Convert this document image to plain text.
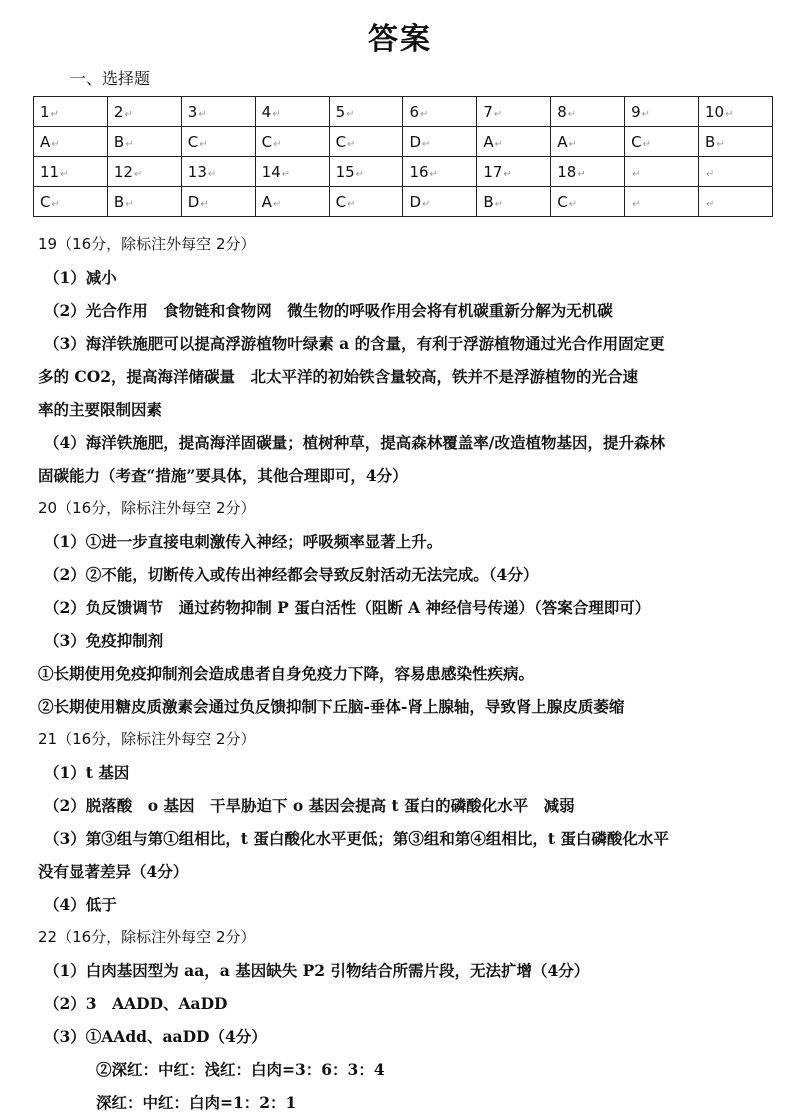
答案
一、选择题
1↵	2↵	3↵	4↵	5↵	6↵	7↵	8↵	9↵	10↵
A↵	B↵	C↵	C↵	C↵	D↵	A↵	A↵	C↵	B↵
11↵	12↵	13↵	14↵	15↵	16↵	17↵	18↵	↵	↵
C↵	B↵	D↵	A↵	C↵	D↵	B↵	C↵	↵	↵
19（16分，除标注外每空 2分）
（1）减小
（2）光合作用　食物链和食物网　微生物的呼吸作用会将有机碳重新分解为无机碳
（3）海洋铁施肥可以提高浮游植物叶绿素 a 的含量，有利于浮游植物通过光合作用固定更
多的 CO2，提高海洋储碳量　北太平洋的初始铁含量较高，铁并不是浮游植物的光合速
率的主要限制因素
（4）海洋铁施肥，提高海洋固碳量；植树种草，提高森林覆盖率/改造植物基因，提升森林
固碳能力（考查“措施”要具体，其他合理即可，4分）
20（16分，除标注外每空 2分）
（1）①进一步直接电刺激传入神经；呼吸频率显著上升。
（2）②不能，切断传入或传出神经都会导致反射活动无法完成。（4分）
（2）负反馈调节　通过药物抑制 P 蛋白活性（阻断 A 神经信号传递）（答案合理即可）
（3）免疫抑制剂
①长期使用免疫抑制剂会造成患者自身免疫力下降，容易患感染性疾病。
②长期使用糖皮质激素会通过负反馈抑制下丘脑-垂体-肾上腺轴，导致肾上腺皮质萎缩
21（16分，除标注外每空 2分）
（1）t 基因
（2）脱落酸　o 基因　干旱胁迫下 o 基因会提高 t 蛋白的磷酸化水平　减弱
（3）第③组与第①组相比，t 蛋白酸化水平更低；第③组和第④组相比，t 蛋白磷酸化水平
没有显著差异（4分）
（4）低于
22（16分，除标注外每空 2分）
（1）白肉基因型为 aa，a 基因缺失 P2 引物结合所需片段，无法扩增（4分）
（2）3　AADD、AaDD
（3）①AAdd、aaDD（4分）
②深红：中红：浅红：白肉=3：6：3：4
深红：中红：白肉=1：2：1
